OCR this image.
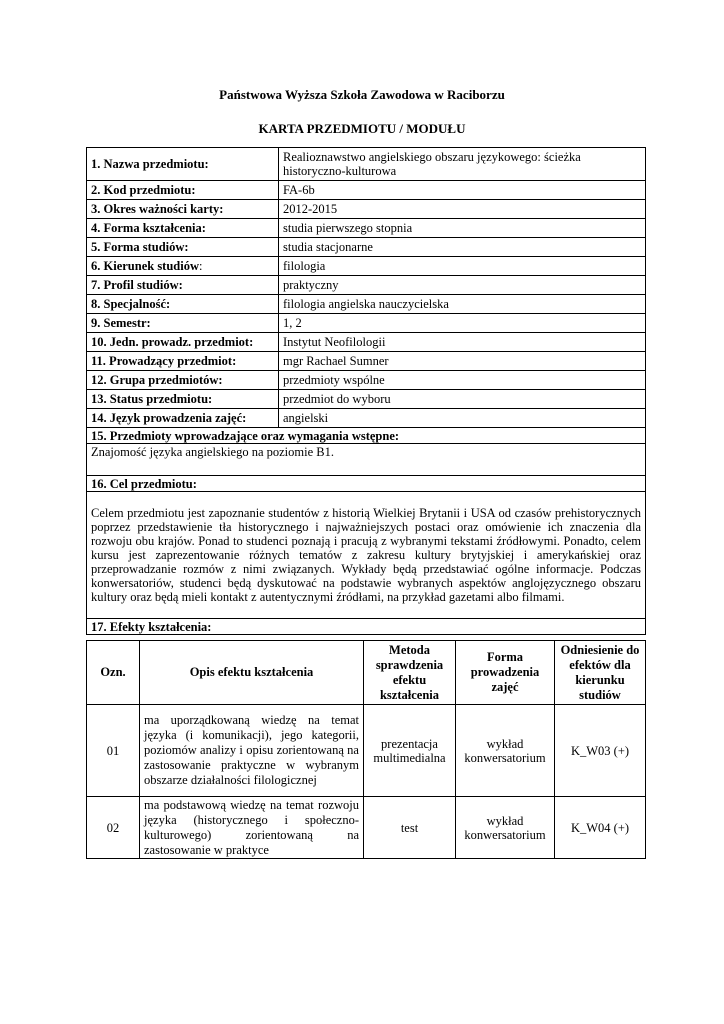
Państwowa Wyższa Szkoła Zawodowa w Raciborzu
KARTA PRZEDMIOTU / MODUŁU
1. Nazwa przedmiotu:	Realioznawstwo angielskiego obszaru językowego: ścieżka historyczno-kulturowa
2. Kod przedmiotu:	FA-6b
3. Okres ważności karty:	2012-2015
4. Forma kształcenia:	studia pierwszego stopnia
5. Forma studiów:	studia stacjonarne
6. Kierunek studiów:	filologia
7. Profil studiów:	praktyczny
8. Specjalność:	filologia angielska nauczycielska
9. Semestr:	1, 2
10. Jedn. prowadz. przedmiot:	Instytut Neofilologii
11. Prowadzący przedmiot:	mgr Rachael Sumner
12. Grupa przedmiotów:	przedmioty wspólne
13. Status przedmiotu:	przedmiot do wyboru
14. Język prowadzenia zajęć:	angielski
15. Przedmioty wprowadzające oraz wymagania wstępne:	
Znajomość języka angielskiego na poziomie B1.	
16. Cel przedmiotu:	
Celem przedmiotu jest zapoznanie studentów z historią Wielkiej Brytanii i USA od czasów prehistorycznych poprzez przedstawienie tła historycznego i najważniejszych postaci oraz omówienie ich znaczenia dla rozwoju obu krajów. Ponad to studenci poznają i pracują z wybranymi tekstami źródłowymi. Ponadto, celem kursu jest zaprezentowanie różnych tematów z zakresu kultury brytyjskiej i amerykańskiej oraz przeprowadzanie rozmów z nimi związanych. Wykłady będą przedstawiać ogólne informacje. Podczas konwersatoriów, studenci będą dyskutować na podstawie wybranych aspektów anglojęzycznego obszaru kultury oraz będą mieli kontakt z autentycznymi źródłami, na przykład gazetami albo filmami.	
17. Efekty kształcenia:	
Ozn.	Opis efektu kształcenia	Metoda sprawdzenia efektu kształcenia	Forma prowadzenia zajęć	Odniesienie do efektów dla kierunku studiów
01	ma uporządkowaną wiedzę na temat języka (i komunikacji), jego kategorii, poziomów analizy i opisu zorientowaną na zastosowanie praktyczne w wybranym obszarze działalności filologicznej	prezentacja multimedialna	wykład konwersatorium	K_W03 (+)
02	ma podstawową wiedzę na temat rozwoju języka (historycznego i społeczno-kulturowego) zorientowaną na zastosowanie w praktyce	test	wykład konwersatorium	K_W04 (+)
